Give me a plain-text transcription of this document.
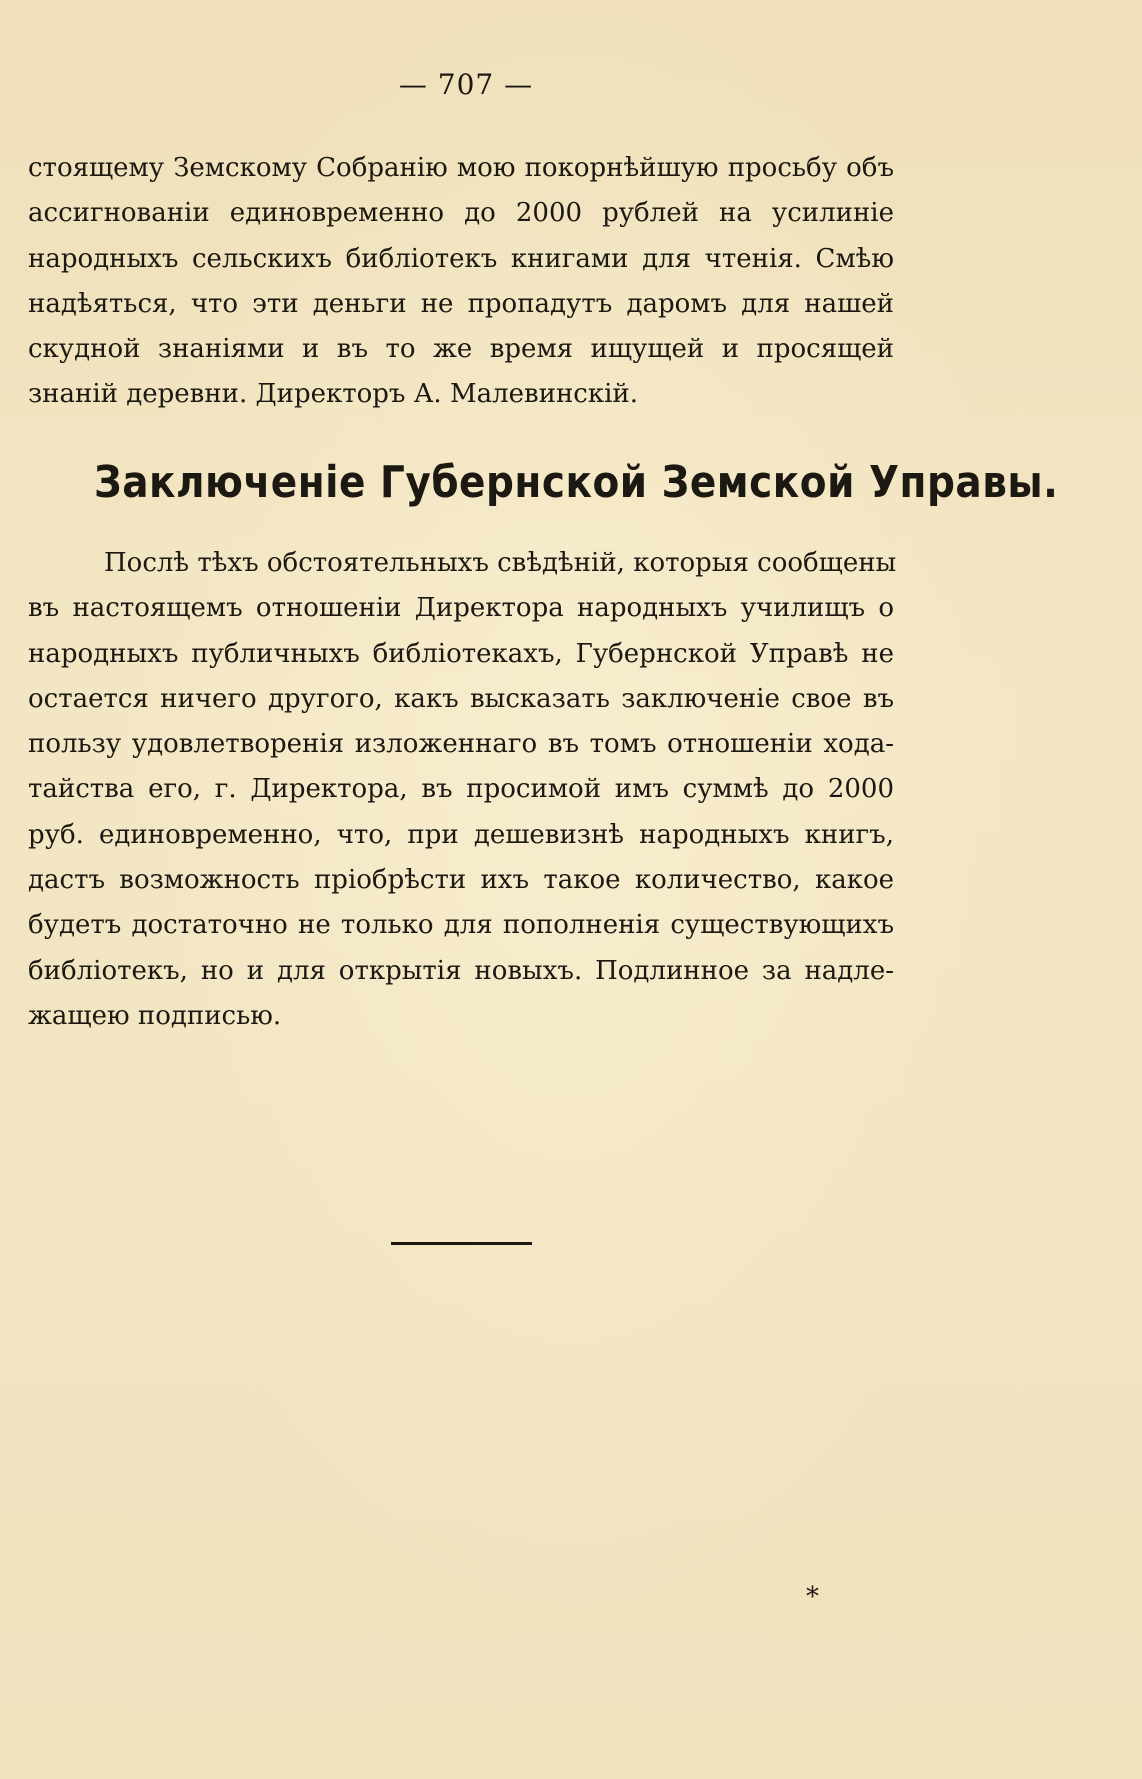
— 707 —
стоящему Земскому Собранію мою покорнѣйшую просьбу объ
ассигнованіи единовременно до 2000 рублей на усилиніе
народныхъ сельскихъ библіотекъ книгами для чтенія. Смѣю
надѣяться, что эти деньги не пропадутъ даромъ для нашей
скудной знаніями и въ то же время ищущей и просящей
знаній деревни. Директоръ А. Малевинскій.
Заключеніе Губернской Земской Управы.
Послѣ тѣхъ обстоятельныхъ свѣдѣній, которыя сообщены
въ настоящемъ отношеніи Директора народныхъ училищъ о
народныхъ публичныхъ библіотекахъ, Губернской Управѣ не
остается ничего другого, какъ высказать заключеніе свое въ
пользу удовлетворенія изложеннаго въ томъ отношеніи хода-
тайства его, г. Директора, въ просимой имъ суммѣ до 2000
руб. единовременно, что, при дешевизнѣ народныхъ книгъ,
дастъ возможность пріобрѣсти ихъ такое количество, какое
будетъ достаточно не только для пополненія существующихъ
библіотекъ, но и для открытія новыхъ. Подлинное за надле-
жащею подписью.
*
